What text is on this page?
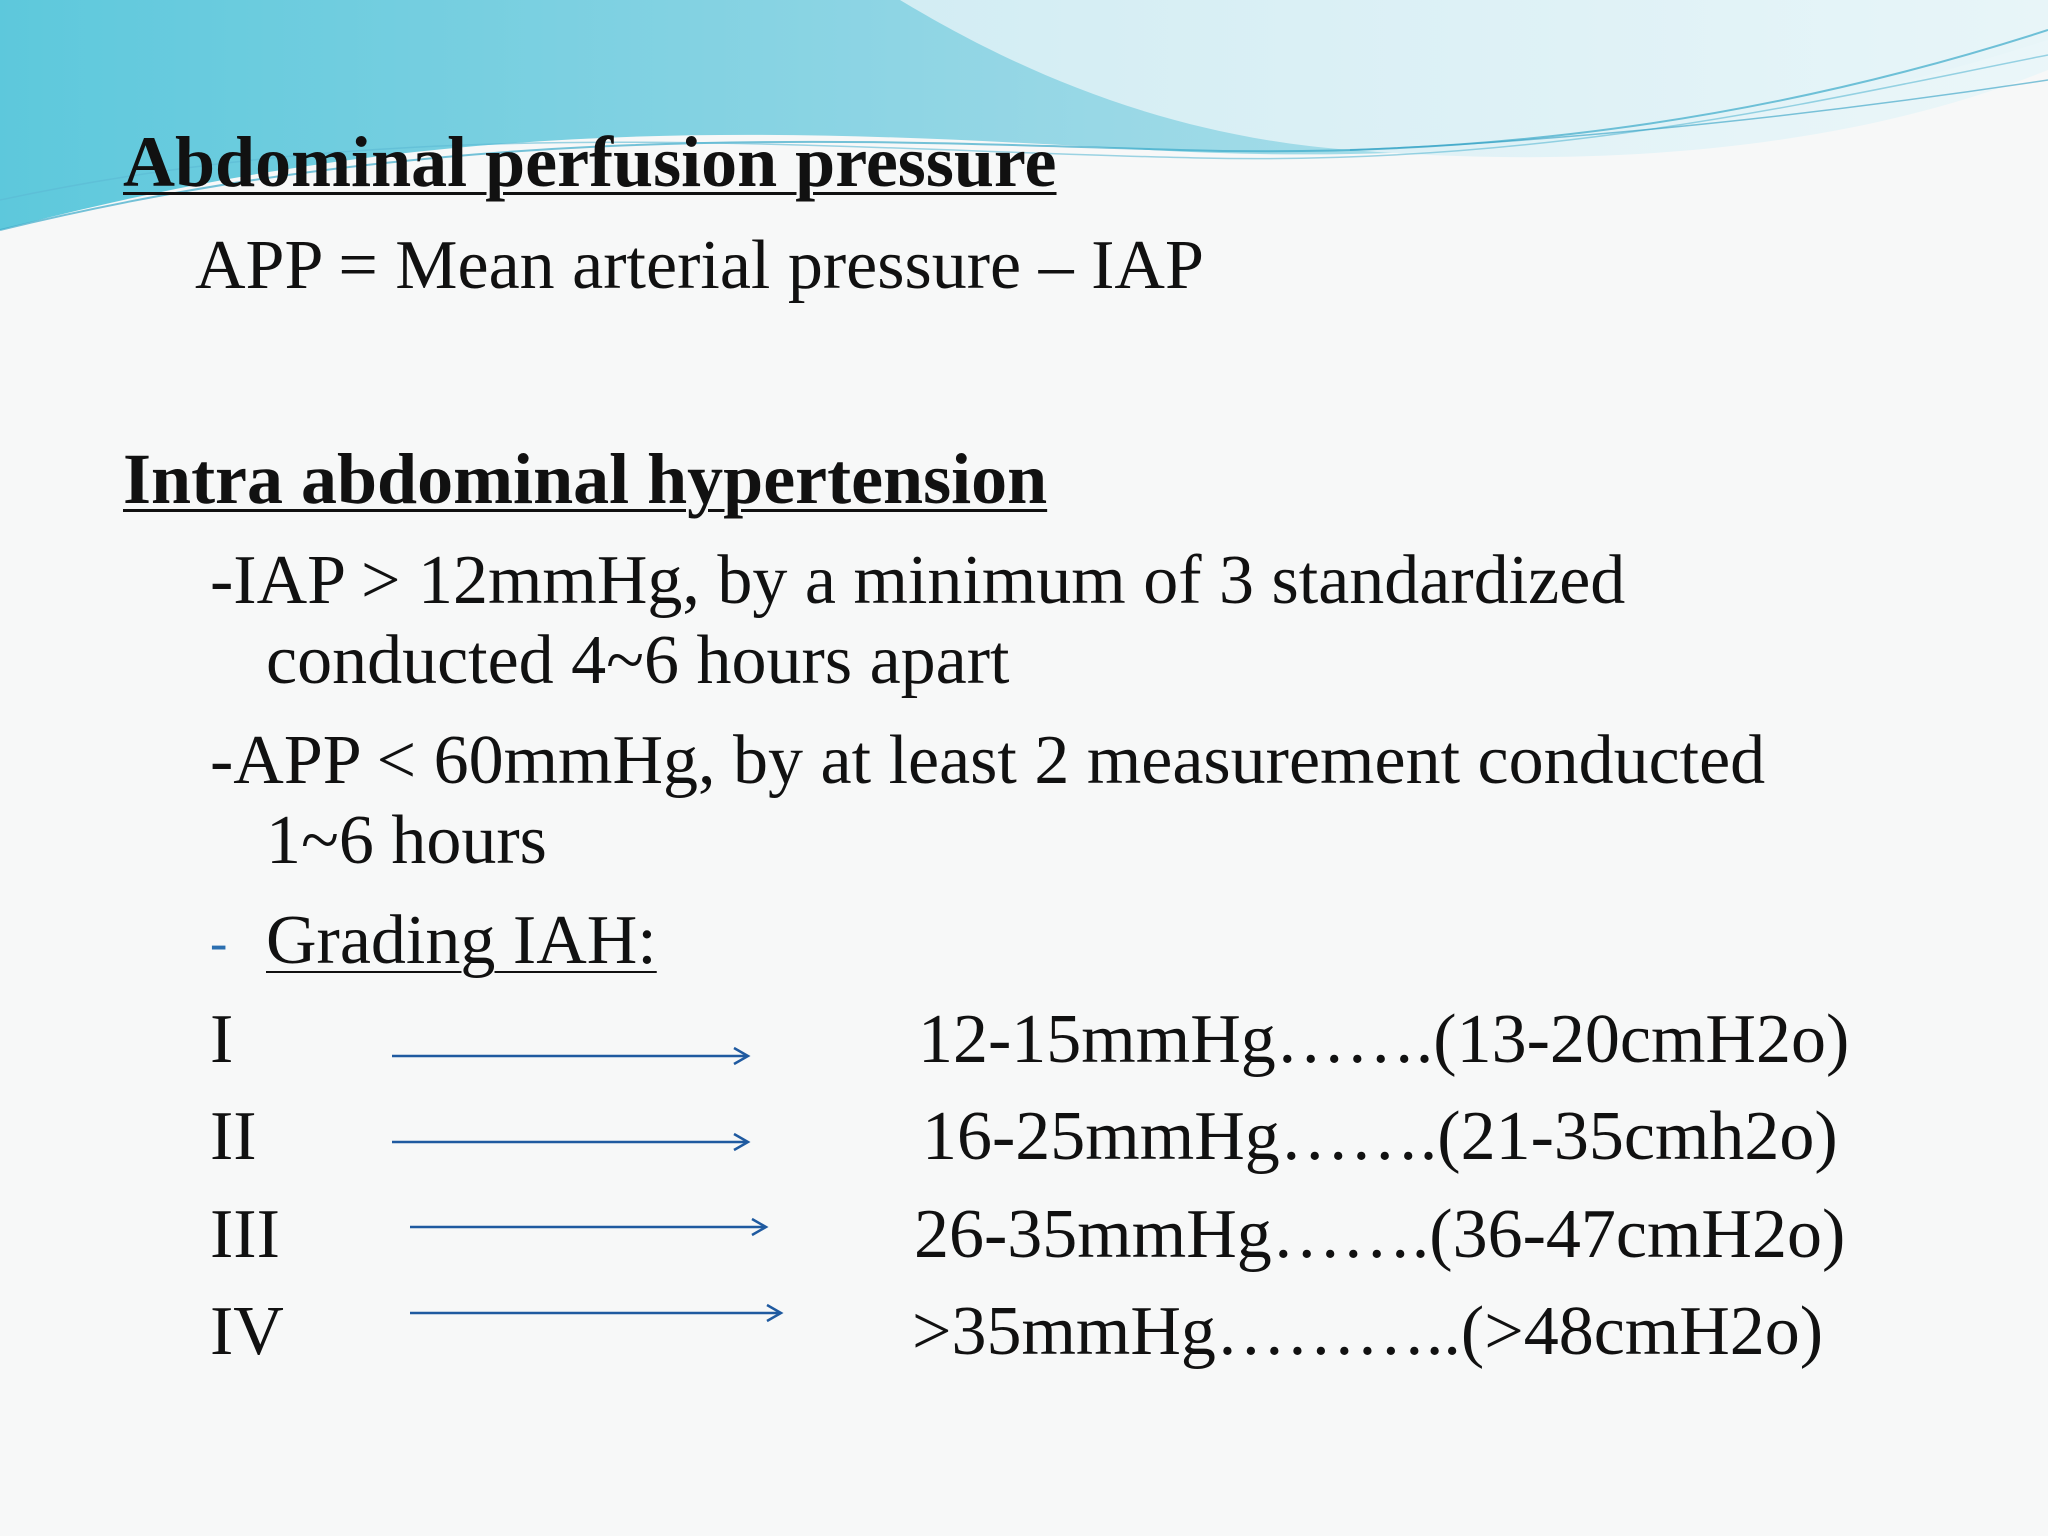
Abdominal perfusion pressure
APP = Mean arterial pressure – IAP
Intra abdominal hypertension
-IAP > 12mmHg, by a minimum of 3 standardized
conducted 4~6 hours apart
-APP < 60mmHg, by at least 2 measurement conducted
1~6 hours
- Grading IAH:
I	12-15mmHg…….(13-20cmH2o)
II	16-25mmHg…….(21-35cmh2o)
III	26-35mmHg…….(36-47cmH2o)
IV	>35mmHg………..(>48cmH2o)
